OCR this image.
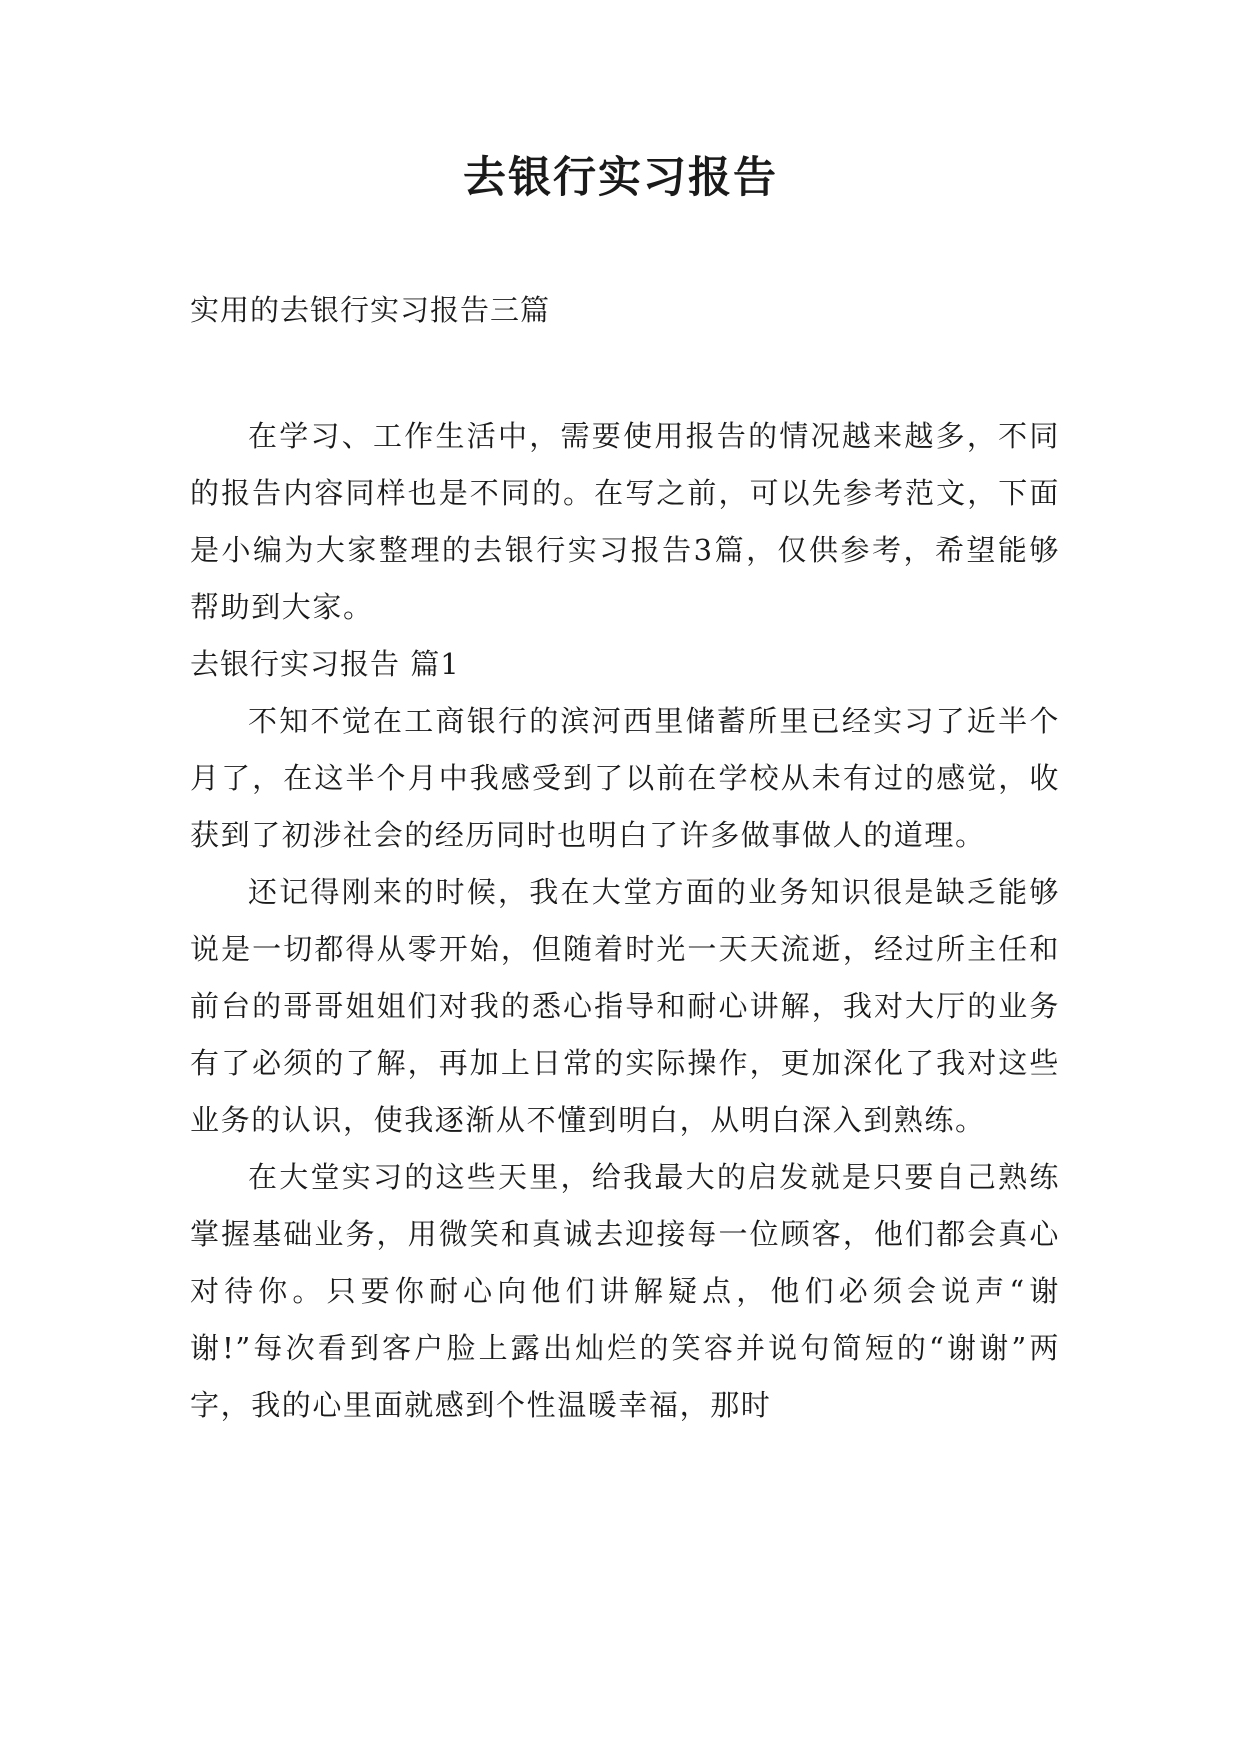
去银行实习报告

实用的去银行实习报告三篇

在学习、工作生活中，需要使用报告的情况越来越多，不同的报告内容同样也是不同的。在写之前，可以先参考范文，下面是小编为大家整理的去银行实习报告3篇，仅供参考，希望能够帮助到大家。

去银行实习报告 篇1

不知不觉在工商银行的滨河西里储蓄所里已经实习了近半个月了，在这半个月中我感受到了以前在学校从未有过的感觉，收获到了初涉社会的经历同时也明白了许多做事做人的道理。

还记得刚来的时候，我在大堂方面的业务知识很是缺乏能够说是一切都得从零开始，但随着时光一天天流逝，经过所主任和前台的哥哥姐姐们对我的悉心指导和耐心讲解，我对大厅的业务有了必须的了解，再加上日常的实际操作，更加深化了我对这些业务的认识，使我逐渐从不懂到明白，从明白深入到熟练。

在大堂实习的这些天里，给我最大的启发就是只要自己熟练掌握基础业务，用微笑和真诚去迎接每一位顾客，他们都会真心对待你。只要你耐心向他们讲解疑点，他们必须会说声“谢谢!”每次看到客户脸上露出灿烂的笑容并说句简短的“谢谢”两字，我的心里面就感到个性温暖幸福，那时
